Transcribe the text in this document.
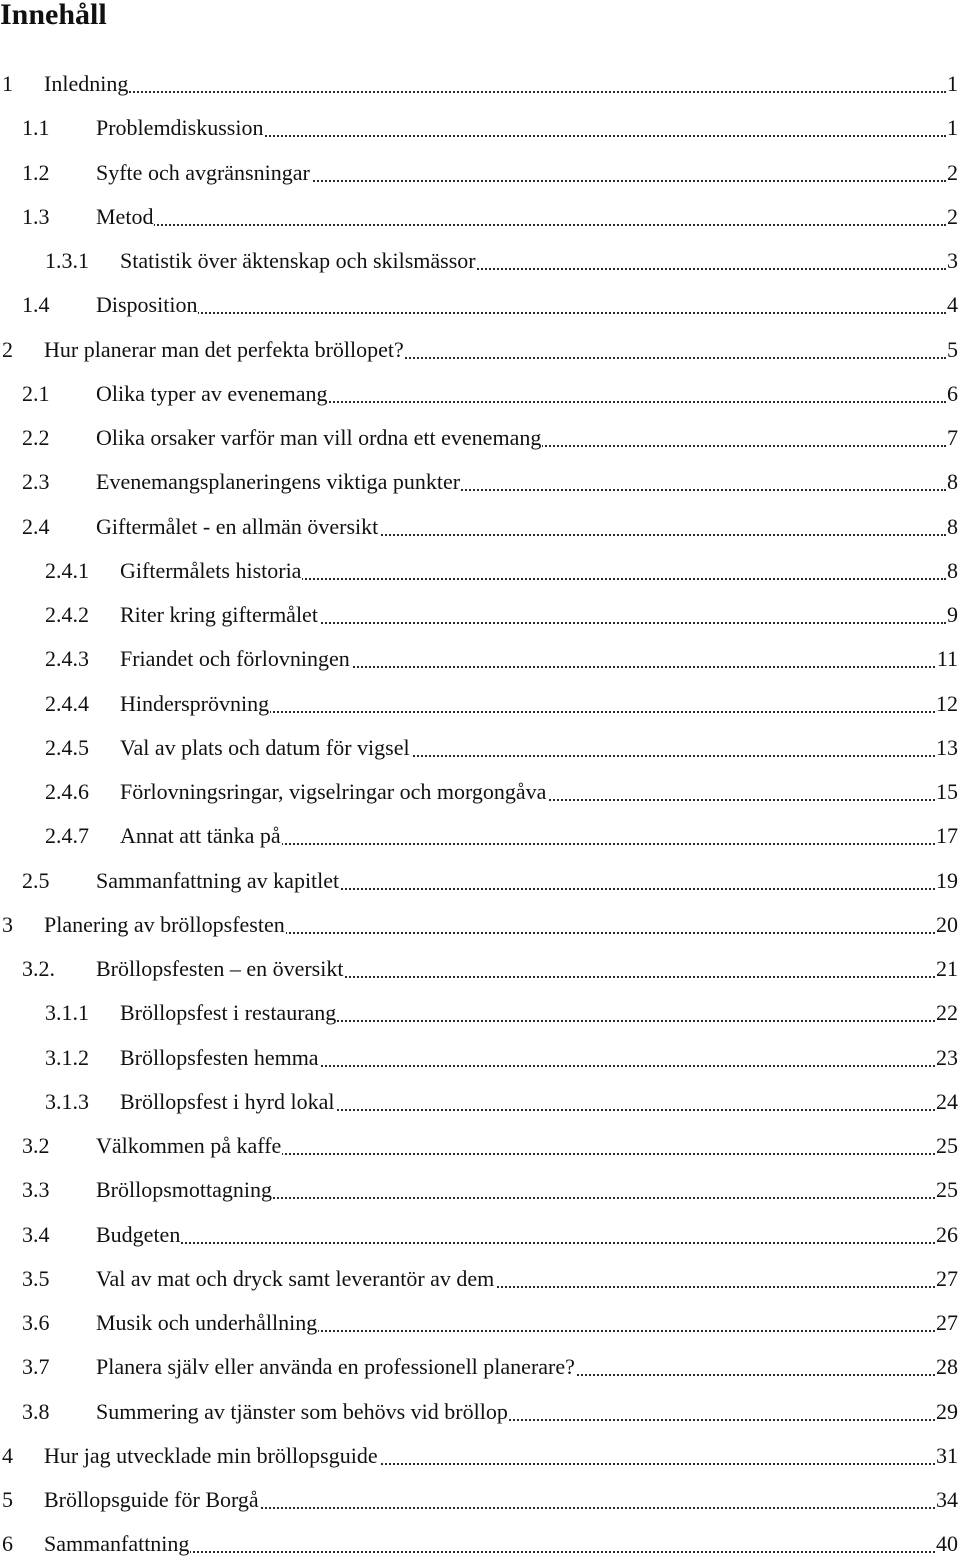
Innehåll
1 Inledning	1
1.1 Problemdiskussion	1
1.2 Syfte och avgränsningar	2
1.3 Metod	2
1.3.1 Statistik över äktenskap och skilsmässor	3
1.4 Disposition	4
2 Hur planerar man det perfekta bröllopet?	5
2.1 Olika typer av evenemang	6
2.2 Olika orsaker varför man vill ordna ett evenemang	7
2.3 Evenemangsplaneringens viktiga punkter	8
2.4 Giftermålet - en allmän översikt	8
2.4.1 Giftermålets historia	8
2.4.2 Riter kring giftermålet	9
2.4.3 Friandet och förlovningen	11
2.4.4 Hindersprövning	12
2.4.5 Val av plats och datum för vigsel	13
2.4.6 Förlovningsringar, vigselringar och morgongåva	15
2.4.7 Annat att tänka på	17
2.5 Sammanfattning av kapitlet	19
3 Planering av bröllopsfesten	20
3.2. Bröllopsfesten – en översikt	21
3.1.1 Bröllopsfest i restaurang	22
3.1.2 Bröllopsfesten hemma	23
3.1.3 Bröllopsfest i hyrd lokal	24
3.2 Välkommen på kaffe	25
3.3 Bröllopsmottagning	25
3.4 Budgeten	26
3.5 Val av mat och dryck samt leverantör av dem	27
3.6 Musik och underhållning	27
3.7 Planera själv eller använda en professionell planerare?	28
3.8 Summering av tjänster som behövs vid bröllop	29
4 Hur jag utvecklade min bröllopsguide	31
5 Bröllopsguide för Borgå	34
6 Sammanfattning	40
